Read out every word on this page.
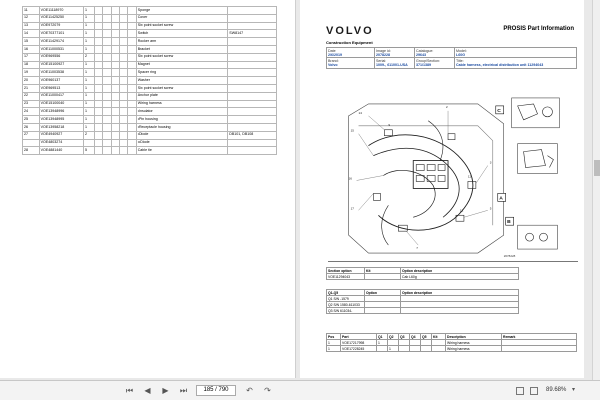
11	VOE11118970	1						Sponge	
12	VOE11425250	1						Cover	
13	VOE972079	1						Six point socket screw	
14	VOE70377101	1						Switch	SW8147
15	VOE11429174	1						Rocker arm	
16	VOE11000531	1						Bracket	
17	VOE969556	2						Six point socket screw	
18	VOE15100927	1						Magnet	
19	VOE11003538	1						Spacer ring	
20	VOE960137	1						Washer	
21	VOE969513	1						Six point socket screw	
22	VOE11000417	1						Anchor plate	
23	VOE15100040	1						Wiring harness	
24	VOE13948996	1						•Insulator	
25	VOE13948995	1						•Pin housing	
26	VOE13958218	1						•Receptacle housing	
27	VOE4940927	2						•Diode	DB101, DB108
	VOE4803274							••Diode	
28	VOE4881440	5						Cable tie	
VOLVO	PROSIS Part Information
Construction Equipment
Date
2/6/2019	Image id:
2078228	Catalogue:
29643	Model:
L60G

Brand:
Volvo	Serial:
1009-, 611001-USA	Group/Section:
371/1389	Title:
Cable harness, electrical distribution unit 11294043
14
15
16
17
2
3
5
7
9
11
12
A
B
C
2078228
Section option	Kit	Option description
VOE11294043		Cab L60g
Q1-Q5	Option	Option description
Q1 S/N -1579		
Q2 S/N 1580-611033		
Q3 S/N 611034-		
Pos	Part	Q1	Q2	Q3	Q4	Q5	Kit	Description	Remark
1	VOE17217998	1						Wiring harness	
1	VOE17228245		1					Wiring harness	
⏮	◀	▶	⏭	185 / 790	↶ ↷	89.68% ▾
